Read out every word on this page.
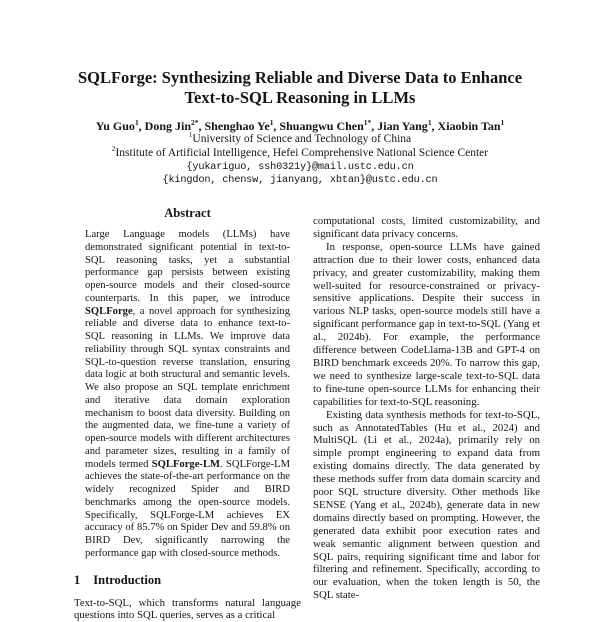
SQLForge: Synthesizing Reliable and Diverse Data to Enhance Text-to-SQL Reasoning in LLMs
Yu Guo$^1$, Dong Jin$^{2*}$, Shenghao Ye$^1$, Shuangwu Chen$^{1*}$, Jian Yang$^1$, Xiaobin Tan$^1$
$^1$University of Science and Technology of China
$^2$Institute of Artificial Intelligence, Hefei Comprehensive National Science Center
{yukariguo, ssh0321y}@mail.ustc.edu.cn
{kingdon, chensw, jianyang, xbtan}@ustc.edu.cn
Abstract
Large Language models (LLMs) have demonstrated significant potential in text-to-SQL reasoning tasks, yet a substantial performance gap persists between existing open-source models and their closed-source counterparts. In this paper, we introduce SQLForge, a novel approach for synthesizing reliable and diverse data to enhance text-to-SQL reasoning in LLMs. We improve data reliability through SQL syntax constraints and SQL-to-question reverse translation, ensuring data logic at both structural and semantic levels. We also propose an SQL template enrichment and iterative data domain exploration mechanism to boost data diversity. Building on the augmented data, we fine-tune a variety of open-source models with different architectures and parameter sizes, resulting in a family of models termed SQLForge-LM. SQLForge-LM achieves the state-of-the-art performance on the widely recognized Spider and BIRD benchmarks among the open-source models. Specifically, SQLForge-LM achieves EX accuracy of 85.7% on Spider Dev and 59.8% on BIRD Dev, significantly narrowing the performance gap with closed-source methods.
1 Introduction

Text-to-SQL, which transforms natural language questions into SQL queries, serves as a critical

computational costs, limited customizability, and significant data privacy concerns.

In response, open-source LLMs have gained attraction due to their lower costs, enhanced data privacy, and greater customizability, making them well-suited for resource-constrained or privacy-sensitive applications. Despite their success in various NLP tasks, open-source models still have a significant performance gap in text-to-SQL (Yang et al., 2024b). For example, the performance difference between CodeLlama-13B and GPT-4 on BIRD benchmark exceeds 20%. To narrow this gap, we need to synthesize large-scale text-to-SQL data to fine-tune open-source LLMs for enhancing their capabilities for text-to-SQL reasoning.

Existing data synthesis methods for text-to-SQL, such as AnnotatedTables (Hu et al., 2024) and MultiSQL (Li et al., 2024a), primarily rely on simple prompt engineering to expand data from existing domains directly. The data generated by these methods suffer from data domain scarcity and poor SQL structure diversity. Other methods like SENSE (Yang et al., 2024b), generate data in new domains directly based on prompting. However, the generated data exhibit poor execution rates and weak semantic alignment between question and SQL pairs, requiring significant time and labor for filtering and refinement. Specifically, according to our evaluation, when the token length is 50, the SQL state-
